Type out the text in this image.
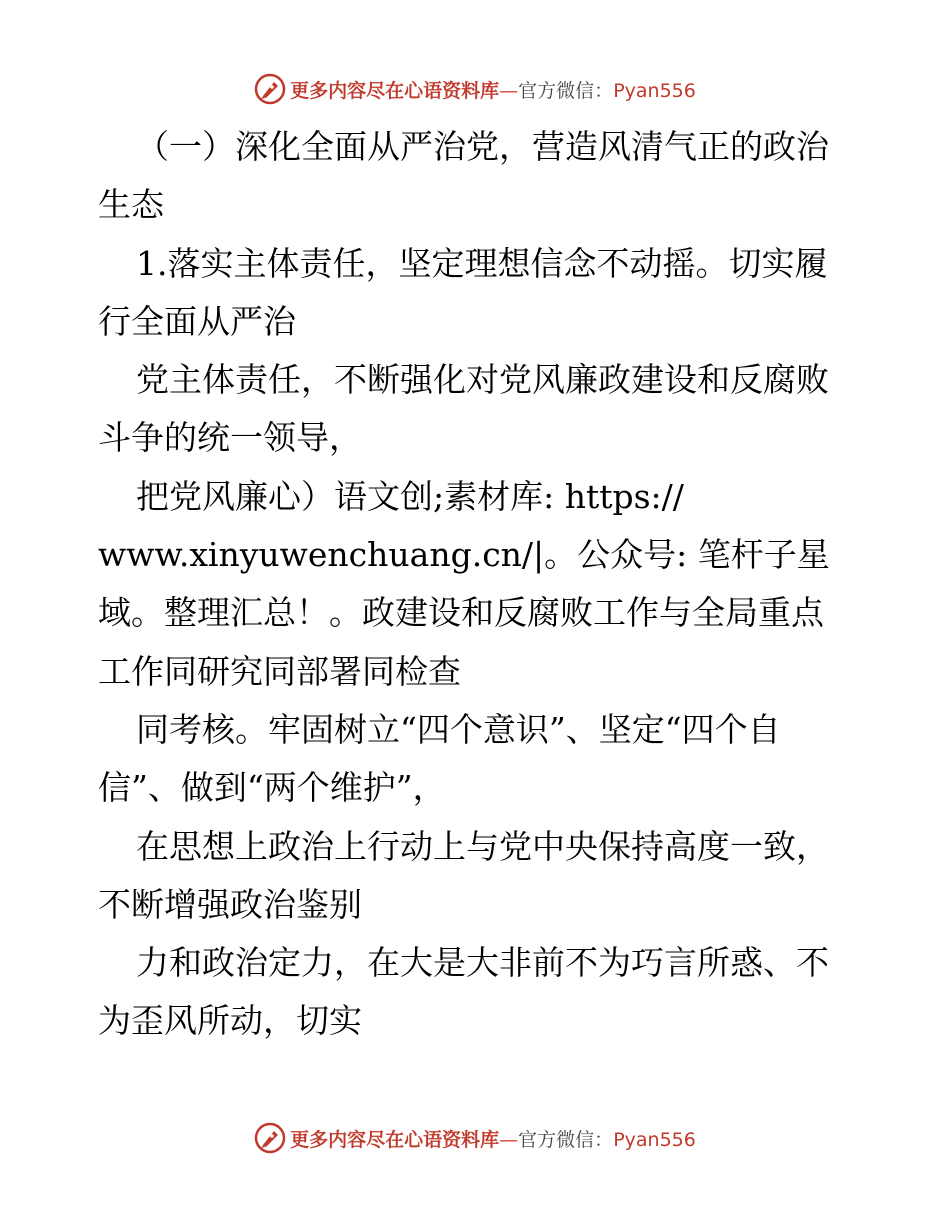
更多内容尽在心语资料库—官方微信：Pyan556
（一）深化全面从严治党，营造风清气正的政治
生态
1.落实主体责任，坚定理想信念不动摇。切实履
行全面从严治
党主体责任，不断强化对党风廉政建设和反腐败
斗争的统一领导，
把党风廉心）语文创;素材库: https://
www.xinyuwenchuang.cn/|。公众号: 笔杆子星
域。整理汇总！。政建设和反腐败工作与全局重点
工作同研究同部署同检查
同考核。牢固树立“四个意识”、坚定“四个自
信”、做到“两个维护”，
在思想上政治上行动上与党中央保持高度一致，
不断增强政治鉴别
力和政治定力，在大是大非前不为巧言所惑、不
为歪风所动，切实
更多内容尽在心语资料库—官方微信：Pyan556
